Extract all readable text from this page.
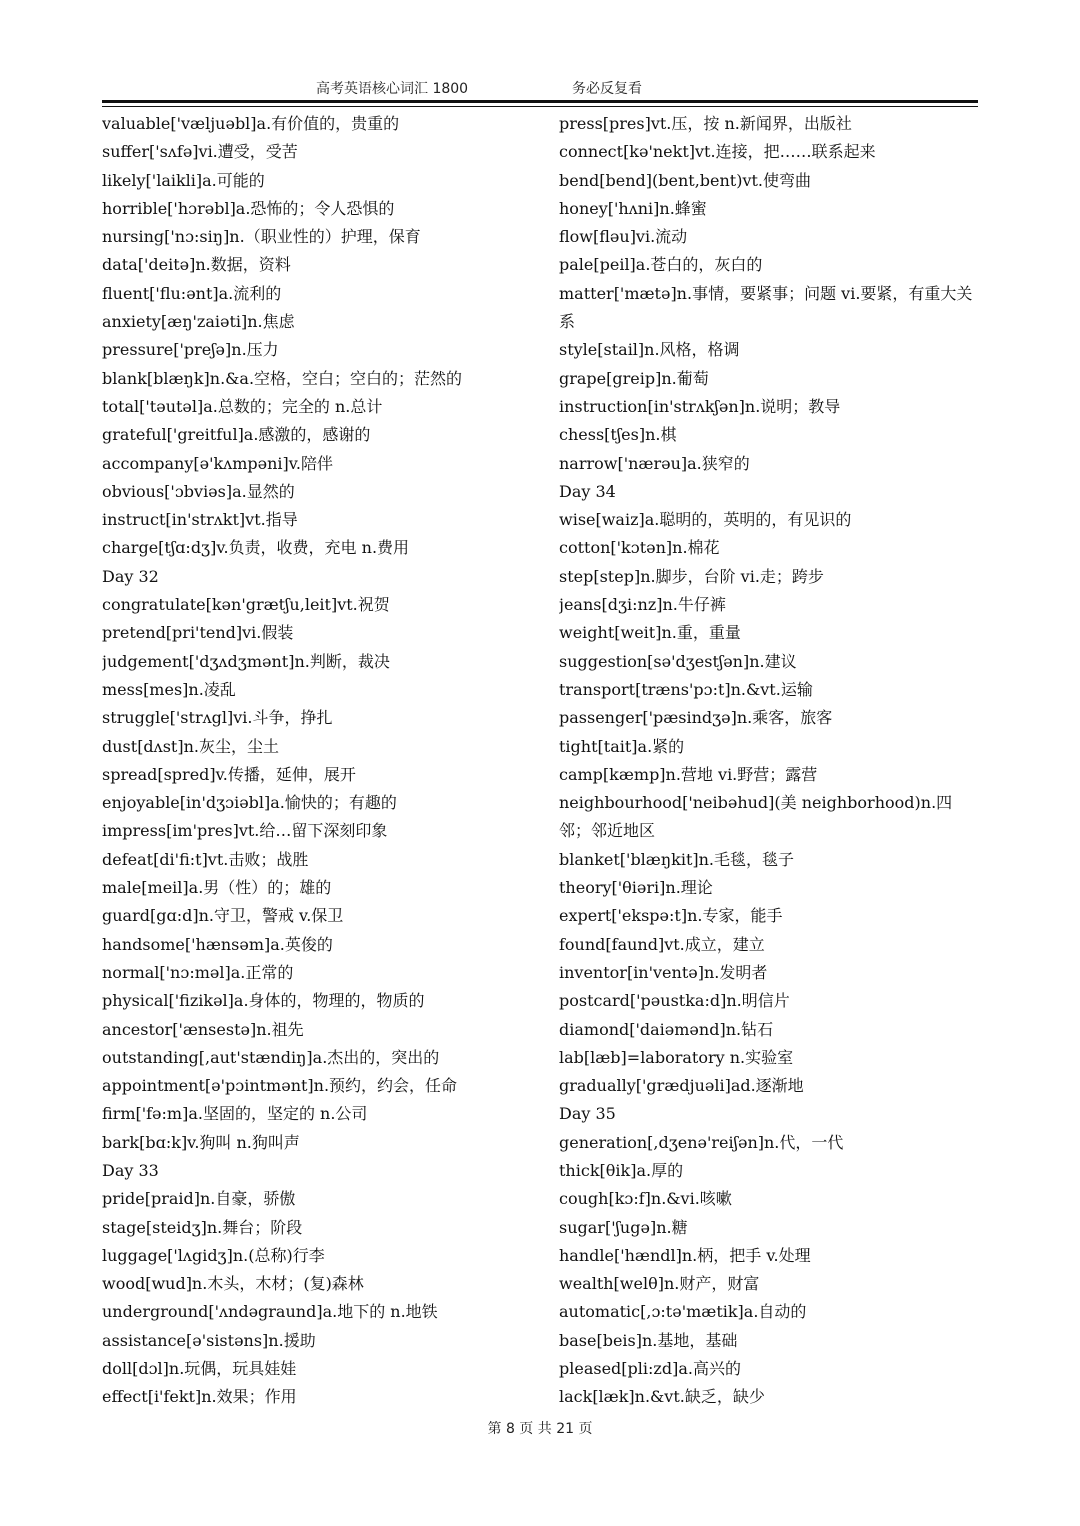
高考英语核心词汇 1800	务必反复看
valuable['væljuəbl]a.有价值的，贵重的
suffer['sʌfə]vi.遭受，受苦
likely['laikli]a.可能的
horrible['hɔrəbl]a.恐怖的；令人恐惧的
nursing['nɔ:siŋ]n.（职业性的）护理，保育
data['deitə]n.数据，资料
fluent['flu:ənt]a.流利的
anxiety[æŋ'zaiəti]n.焦虑
pressure['preʃə]n.压力
blank[blæŋk]n.&a.空格，空白；空白的；茫然的
total['təutəl]a.总数的；完全的 n.总计
grateful['greitful]a.感激的，感谢的
accompany[ə'kʌmpəni]v.陪伴
obvious['ɔbviəs]a.显然的
instruct[in'strʌkt]vt.指导
charge[tʃɑ:dʒ]v.负责，收费，充电 n.费用
Day 32
congratulate[kən'grætʃu,leit]vt.祝贺
pretend[pri'tend]vi.假装
judgement['dʒʌdʒmənt]n.判断，裁决
mess[mes]n.凌乱
struggle['strʌgl]vi.斗争，挣扎
dust[dʌst]n.灰尘，尘土
spread[spred]v.传播，延伸，展开
enjoyable[in'dʒɔiəbl]a.愉快的；有趣的
impress[im'pres]vt.给…留下深刻印象
defeat[di'fi:t]vt.击败；战胜
male[meil]a.男（性）的；雄的
guard[gɑ:d]n.守卫，警戒 v.保卫
handsome['hænsəm]a.英俊的
normal['nɔ:məl]a.正常的
physical['fizikəl]a.身体的，物理的，物质的
ancestor['ænsestə]n.祖先
outstanding[,aut'stændiŋ]a.杰出的，突出的
appointment[ə'pɔintmənt]n.预约，约会，任命
firm['fə:m]a.坚固的，坚定的 n.公司
bark[bɑ:k]v.狗叫 n.狗叫声
Day 33
pride[praid]n.自豪，骄傲
stage[steidʒ]n.舞台；阶段
luggage['lʌgidʒ]n.(总称)行李
wood[wud]n.木头，木材；(复)森林
underground['ʌndəgraund]a.地下的 n.地铁
assistance[ə'sistəns]n.援助
doll[dɔl]n.玩偶，玩具娃娃
effect[i'fekt]n.效果；作用
press[pres]vt.压，按 n.新闻界，出版社
connect[kə'nekt]vt.连接，把……联系起来
bend[bend](bent,bent)vt.使弯曲
honey['hʌni]n.蜂蜜
flow[fləu]vi.流动
pale[peil]a.苍白的，灰白的
matter['mætə]n.事情，要紧事；问题 vi.要紧，有重大关系
style[stail]n.风格，格调
grape[greip]n.葡萄
instruction[in'strʌkʃən]n.说明；教导
chess[tʃes]n.棋
narrow['nærəu]a.狭窄的
Day 34
wise[waiz]a.聪明的，英明的，有见识的
cotton['kɔtən]n.棉花
step[step]n.脚步，台阶 vi.走；跨步
jeans[dʒi:nz]n.牛仔裤
weight[weit]n.重，重量
suggestion[sə'dʒestʃən]n.建议
transport[træns'pɔ:t]n.&vt.运输
passenger['pæsindʒə]n.乘客，旅客
tight[tait]a.紧的
camp[kæmp]n.营地 vi.野营；露营
neighbourhood['neibəhud](美 neighborhood)n.四邻；邻近地区
blanket['blæŋkit]n.毛毯，毯子
theory['θiəri]n.理论
expert['ekspə:t]n.专家，能手
found[faund]vt.成立，建立
inventor[in'ventə]n.发明者
postcard['pəustka:d]n.明信片
diamond['daiəmənd]n.钻石
lab[læb]=laboratory n.实验室
gradually['grædjuəli]ad.逐渐地
Day 35
generation[,dʒenə'reiʃən]n.代，一代
thick[θik]a.厚的
cough[kɔ:f]n.&vi.咳嗽
sugar['ʃugə]n.糖
handle['hændl]n.柄，把手 v.处理
wealth[welθ]n.财产，财富
automatic[,ɔ:tə'mætik]a.自动的
base[beis]n.基地，基础
pleased[pli:zd]a.高兴的
lack[læk]n.&vt.缺乏，缺少
第 8 页 共 21 页
